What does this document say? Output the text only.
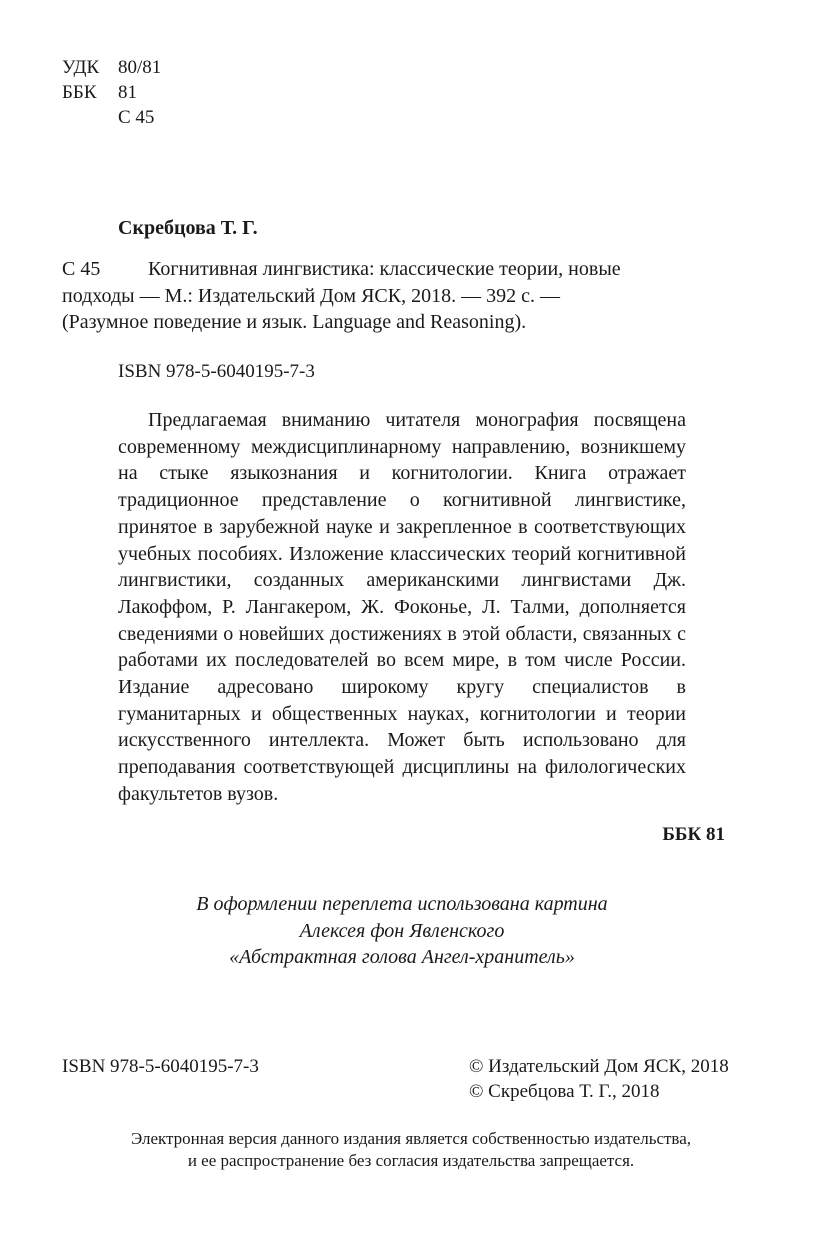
УДК 80/81
ББК 81
С 45
Скребцова Т. Г.
С 45	Когнитивная лингвистика: классические теории, новые
подходы — М.: Издательский Дом ЯСК, 2018. — 392 с. —
(Разумное поведение и язык. Language and Reasoning).
ISBN 978-5-6040195-7-3
Предлагаемая вниманию читателя монография посвящена современному междисциплинарному направлению, возникшему на стыке языкознания и когнитологии. Книга отражает традиционное представление о когнитивной лингвистике, принятое в зарубежной науке и закрепленное в соответствующих учебных пособиях. Изложение классических теорий когнитивной лингвистики, созданных американскими лингвистами Дж. Лакоффом, Р. Лангакером, Ж. Фоконье, Л. Талми, дополняется сведениями о новейших достижениях в этой области, связанных с работами их последователей во всем мире, в том числе России. Издание адресовано широкому кругу специалистов в гуманитарных и общественных науках, когнитологии и теории искусственного интеллекта. Может быть использовано для преподавания соответствующей дисциплины на филологических факультетов вузов.
ББК 81
В оформлении переплета использована картина
Алексея фон Явленского
«Абстрактная голова Ангел-хранитель»
ISBN 978-5-6040195-7-3	© Издательский Дом ЯСК, 2018
© Скребцова Т. Г., 2018
Электронная версия данного издания является собственностью издательства,
и ее распространение без согласия издательства запрещается.
